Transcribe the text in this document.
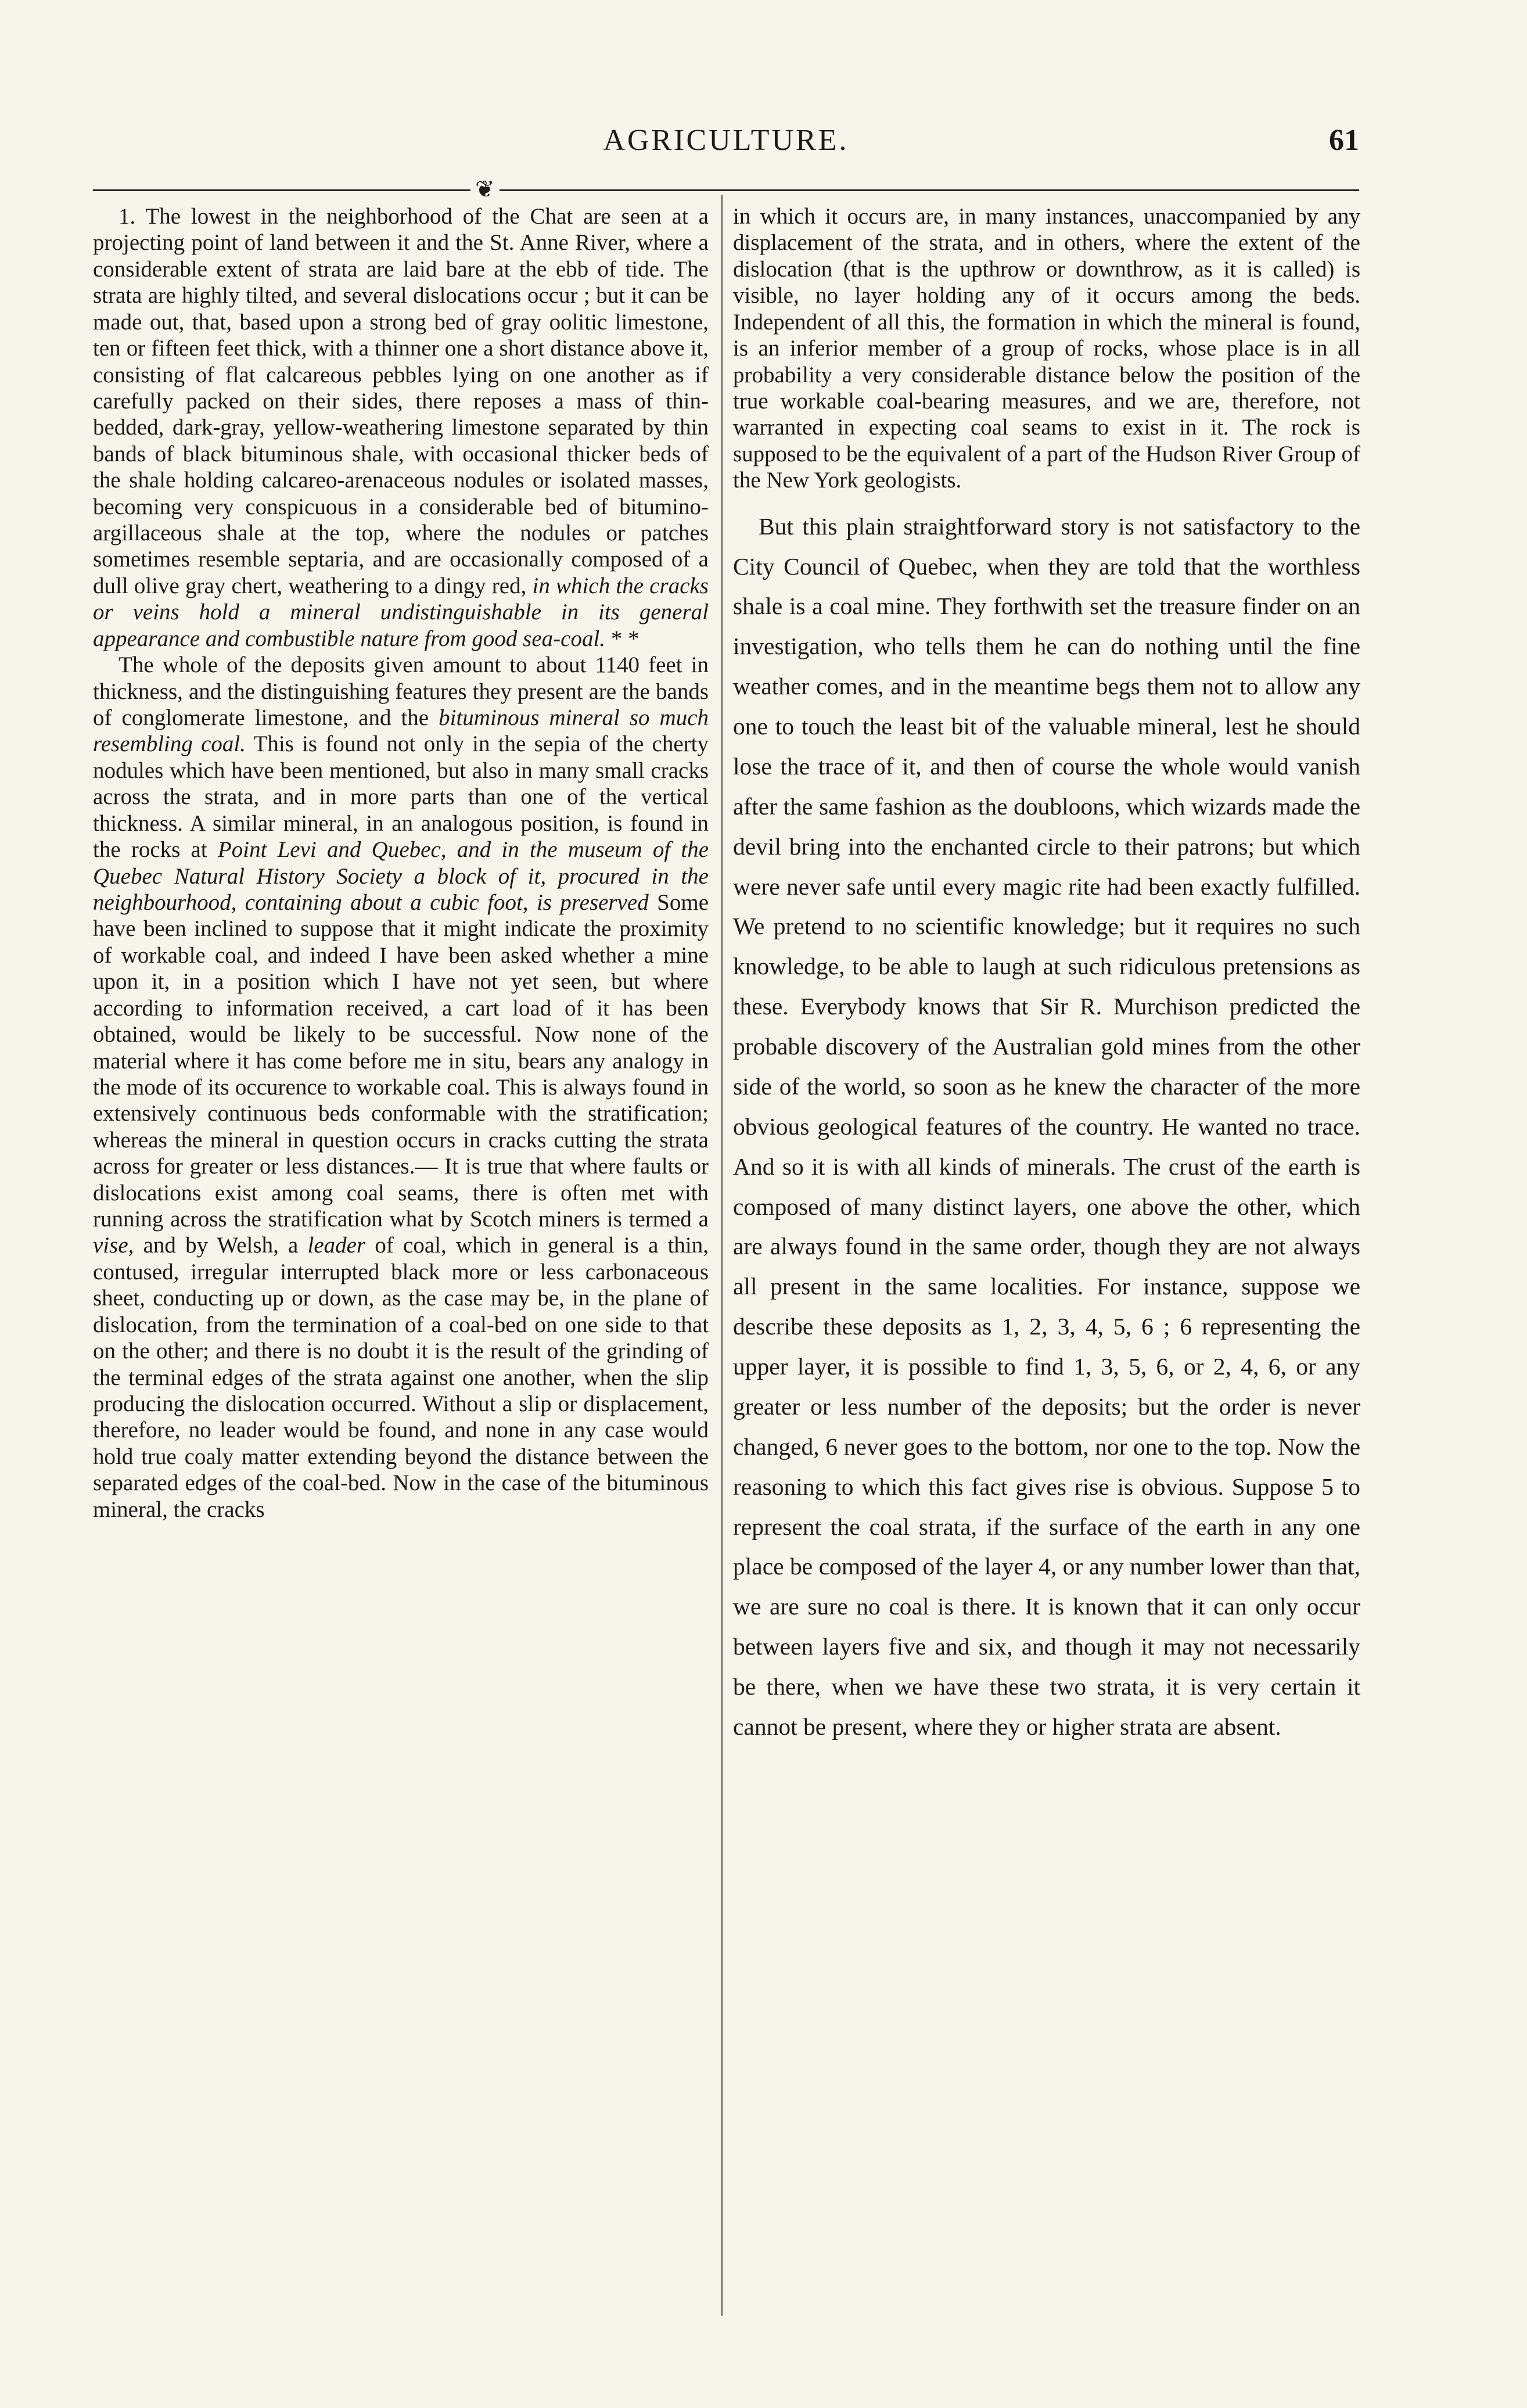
AGRICULTURE.	61
❦

1. The lowest in the neighborhood of the Chat are seen at a projecting point of land between it and the St. Anne River, where a considerable extent of strata are laid bare at the ebb of tide. The strata are highly tilted, and several dislocations occur ; but it can be made out, that, based upon a strong bed of gray oolitic limestone, ten or fifteen feet thick, with a thinner one a short distance above it, consisting of flat calcareous pebbles lying on one another as if carefully packed on their sides, there reposes a mass of thin-bedded, dark-gray, yellow-weathering limestone separated by thin bands of black bituminous shale, with occasional thicker beds of the shale holding calcareo-arenaceous nodules or isolated masses, becoming very conspicuous in a considerable bed of bitumino-argillaceous shale at the top, where the nodules or patches sometimes resemble septaria, and are occasionally composed of a dull olive gray chert, weathering to a dingy red, in which the cracks or veins hold a mineral undistinguishable in its general appearance and combustible nature from good sea-coal. * *

The whole of the deposits given amount to about 1140 feet in thickness, and the distinguishing features they present are the bands of conglomerate limestone, and the bituminous mineral so much resembling coal. This is found not only in the sepia of the cherty nodules which have been mentioned, but also in many small cracks across the strata, and in more parts than one of the vertical thickness. A similar mineral, in an analogous position, is found in the rocks at Point Levi and Quebec, and in the museum of the Quebec Natural History Society a block of it, procured in the neighbourhood, containing about a cubic foot, is preserved Some have been inclined to suppose that it might indicate the proximity of workable coal, and indeed I have been asked whether a mine upon it, in a position which I have not yet seen, but where according to information received, a cart load of it has been obtained, would be likely to be successful. Now none of the material where it has come before me in situ, bears any analogy in the mode of its occurence to workable coal. This is always found in extensively continuous beds conformable with the stratification; whereas the mineral in question occurs in cracks cutting the strata across for greater or less distances.— It is true that where faults or dislocations exist among coal seams, there is often met with running across the stratification what by Scotch miners is termed a vise, and by Welsh, a leader of coal, which in general is a thin, contused, irregular interrupted black more or less carbonaceous sheet, conducting up or down, as the case may be, in the plane of dislocation, from the termination of a coal-bed on one side to that on the other; and there is no doubt it is the result of the grinding of the terminal edges of the strata against one another, when the slip producing the dislocation occurred. Without a slip or displacement, therefore, no leader would be found, and none in any case would hold true coaly matter extending beyond the distance between the separated edges of the coal-bed. Now in the case of the bituminous mineral, the cracks

in which it occurs are, in many instances, unaccompanied by any displacement of the strata, and in others, where the extent of the dislocation (that is the upthrow or downthrow, as it is called) is visible, no layer holding any of it occurs among the beds. Independent of all this, the formation in which the mineral is found, is an inferior member of a group of rocks, whose place is in all probability a very considerable distance below the position of the true workable coal-bearing measures, and we are, therefore, not warranted in expecting coal seams to exist in it. The rock is supposed to be the equivalent of a part of the Hudson River Group of the New York geologists.

But this plain straightforward story is not satisfactory to the City Council of Quebec, when they are told that the worthless shale is a coal mine. They forthwith set the treasure finder on an investigation, who tells them he can do nothing until the fine weather comes, and in the meantime begs them not to allow any one to touch the least bit of the valuable mineral, lest he should lose the trace of it, and then of course the whole would vanish after the same fashion as the doubloons, which wizards made the devil bring into the enchanted circle to their patrons; but which were never safe until every magic rite had been exactly fulfilled. We pretend to no scientific knowledge; but it requires no such knowledge, to be able to laugh at such ridiculous pretensions as these. Everybody knows that Sir R. Murchison predicted the probable discovery of the Australian gold mines from the other side of the world, so soon as he knew the character of the more obvious geological features of the country. He wanted no trace. And so it is with all kinds of minerals. The crust of the earth is composed of many distinct layers, one above the other, which are always found in the same order, though they are not always all present in the same localities. For instance, suppose we describe these deposits as 1, 2, 3, 4, 5, 6 ; 6 representing the upper layer, it is possible to find 1, 3, 5, 6, or 2, 4, 6, or any greater or less number of the deposits; but the order is never changed, 6 never goes to the bottom, nor one to the top. Now the reasoning to which this fact gives rise is obvious. Suppose 5 to represent the coal strata, if the surface of the earth in any one place be composed of the layer 4, or any number lower than that, we are sure no coal is there. It is known that it can only occur between layers five and six, and though it may not necessarily be there, when we have these two strata, it is very certain it cannot be present, where they or higher strata are absent.
